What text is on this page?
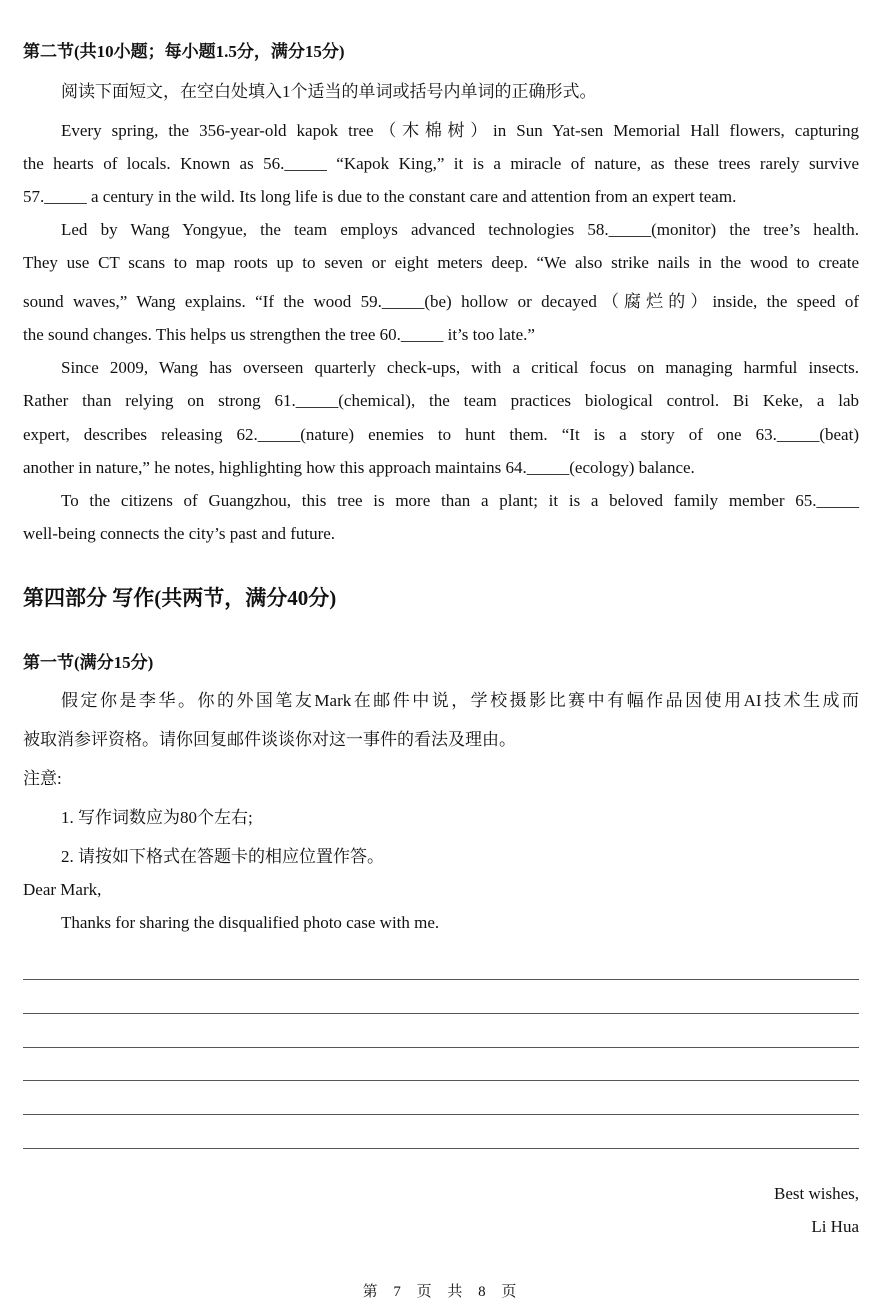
第二节(共10小题；每小题1.5分，满分15分)
阅读下面短文，在空白处填入1个适当的单词或括号内单词的正确形式。
Every spring, the 356-year-old kapok tree（木棉树）in Sun Yat-sen Memorial Hall flowers, capturing
the hearts of locals. Known as 56._____ “Kapok King,” it is a miracle of nature, as these trees rarely survive
57._____ a century in the wild. Its long life is due to the constant care and attention from an expert team.
Led by Wang Yongyue, the team employs advanced technologies 58._____(monitor) the tree’s health.
They use CT scans to map roots up to seven or eight meters deep. “We also strike nails in the wood to create
sound waves,” Wang explains. “If the wood 59._____(be) hollow or decayed（腐烂的）inside, the speed of
the sound changes. This helps us strengthen the tree 60._____ it’s too late.”
Since 2009, Wang has overseen quarterly check-ups, with a critical focus on managing harmful insects.
Rather than relying on strong 61._____(chemical), the team practices biological control. Bi Keke, a lab
expert, describes releasing 62._____(nature) enemies to hunt them. “It is a story of one 63._____(beat)
another in nature,” he notes, highlighting how this approach maintains 64._____(ecology) balance.
To the citizens of Guangzhou, this tree is more than a plant; it is a beloved family member 65._____
well-being connects the city’s past and future.
第四部分 写作(共两节，满分40分)
第一节(满分15分)
假定你是李华。你的外国笔友Mark在邮件中说，学校摄影比赛中有幅作品因使用AI技术生成而
被取消参评资格。请你回复邮件谈谈你对这一事件的看法及理由。
注意:
1. 写作词数应为80个左右;
2. 请按如下格式在答题卡的相应位置作答。
Dear Mark,
Thanks for sharing the disqualified photo case with me.
Best wishes,
Li Hua
第 7 页 共 8 页
